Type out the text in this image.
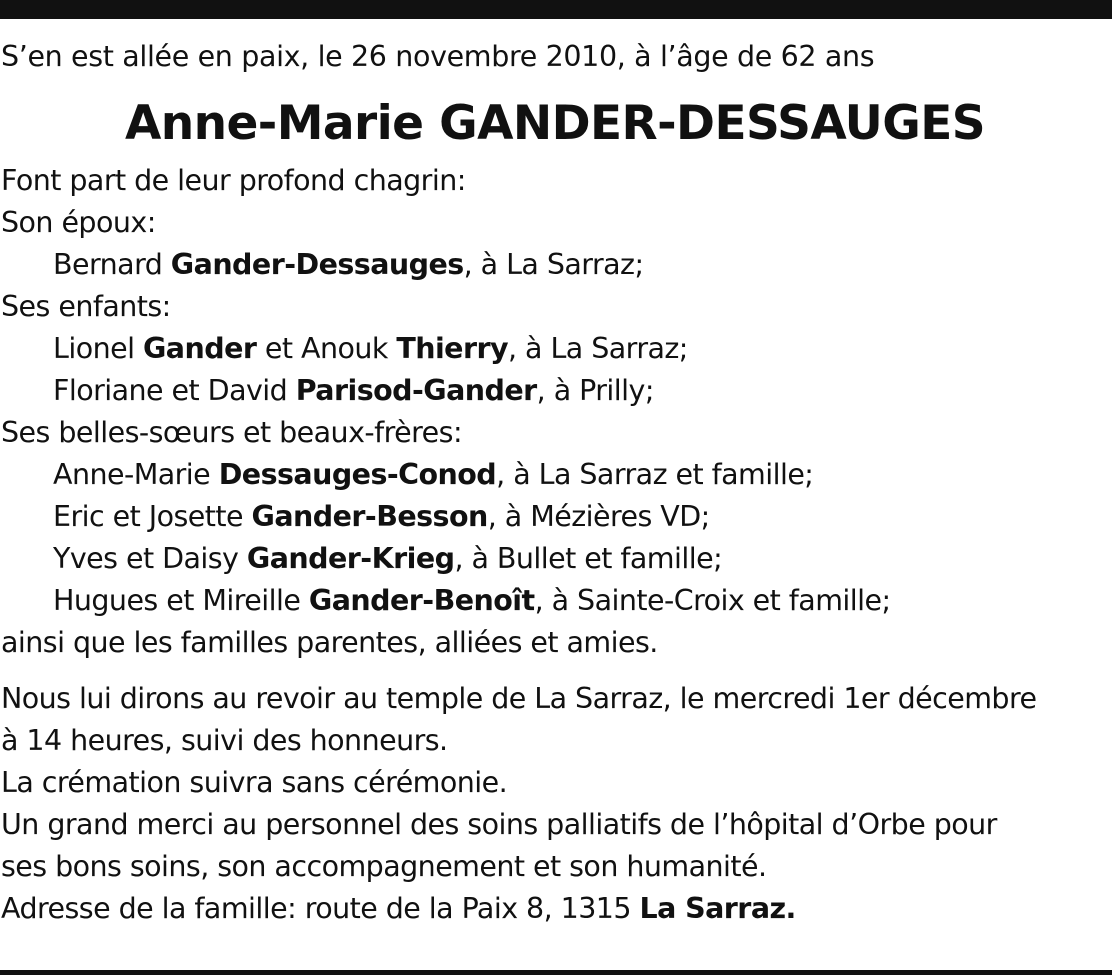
S’en est allée en paix, le 26 novembre 2010, à l’âge de 62 ans
Anne-Marie GANDER-DESSAUGES
Font part de leur profond chagrin:
Son époux:
Bernard Gander-Dessauges, à La Sarraz;
Ses enfants:
Lionel Gander et Anouk Thierry, à La Sarraz;
Floriane et David Parisod-Gander, à Prilly;
Ses belles-sœurs et beaux-frères:
Anne-Marie Dessauges-Conod, à La Sarraz et famille;
Eric et Josette Gander-Besson, à Mézières VD;
Yves et Daisy Gander-Krieg, à Bullet et famille;
Hugues et Mireille Gander-Benoît, à Sainte-Croix et famille;
ainsi que les familles parentes, alliées et amies.
Nous lui dirons au revoir au temple de La Sarraz, le mercredi 1er décembre
à 14 heures, suivi des honneurs.
La crémation suivra sans cérémonie.
Un grand merci au personnel des soins palliatifs de l’hôpital d’Orbe pour
ses bons soins, son accompagnement et son humanité.
Adresse de la famille: route de la Paix 8, 1315 La Sarraz.
